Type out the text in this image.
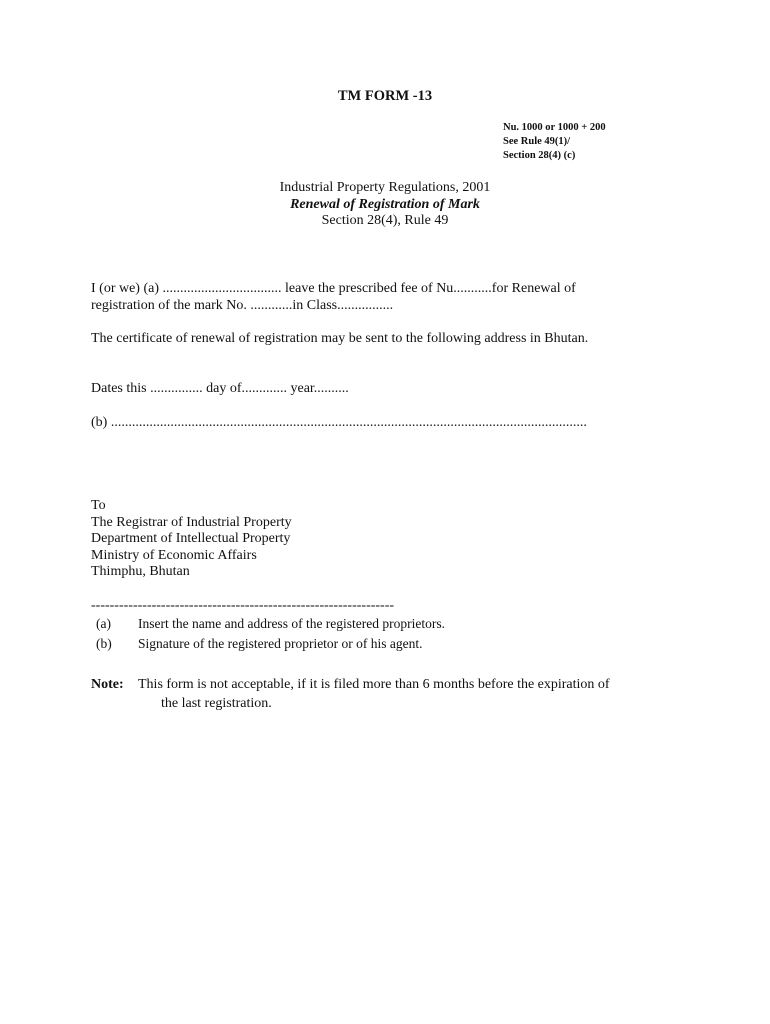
TM FORM -13
Nu. 1000 or 1000 + 200
See Rule 49(1)/
Section 28(4) (c)
Industrial Property Regulations, 2001
Renewal of Registration of Mark
Section 28(4), Rule 49
I (or we) (a) .................................. leave the prescribed fee of Nu...........for Renewal of
registration of the mark No. ............in Class................
The certificate of renewal of registration may be sent to the following address in Bhutan.
Dates this ............... day of............. year..........
(b) ........................................................................................................................................
To
The Registrar of Industrial Property
Department of Intellectual Property
Ministry of Economic Affairs
Thimphu, Bhutan
-----------------------------------------------------------------
(a) Insert the name and address of the registered proprietors.
(b) Signature of the registered proprietor or of his agent.
Note:	This form is not acceptable, if it is filed more than 6 months before the expiration of
the last registration.
